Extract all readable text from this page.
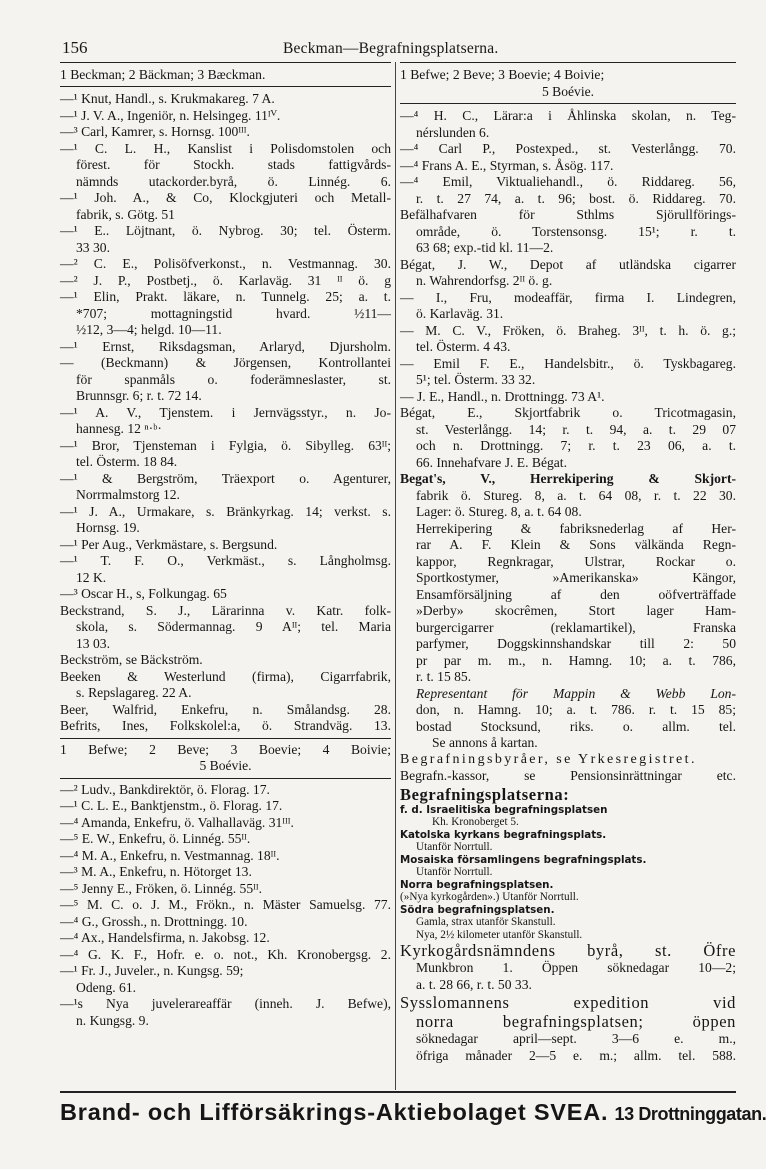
156	Beckman—Begrafningsplatserna.
1 Beckman; 2 Bäckman; 3 Bæckman.
—¹ Knut, Handl., s. Krukmakareg. 7 A.
—¹ J. V. A., Ingeniör, n. Helsingeg. 11ᴵⱽ.
—³ Carl, Kamrer, s. Hornsg. 100ᴵᴵᴵ.
—¹ C. L. H., Kanslist i Polisdomstolen och
förest. för Stockh. stads fattigvårds-
nämnds utackorder.byrå, ö. Linnég. 6.
—¹ Joh. A., & Co, Klockgjuteri och Metall-
fabrik, s. Götg. 51
—¹ E.. Löjtnant, ö. Nybrog. 30; tel. Österm.
33 30.
—² C. E., Polisöfverkonst., n. Vestmannag. 30.
—² J. P., Postbetj., ö. Karlaväg. 31 ᴵᴵ ö. g
—¹ Elin, Prakt. läkare, n. Tunnelg. 25; a. t.
*707; mottagningstid hvard. ½11—
½12, 3—4; helgd. 10—11.
—¹ Ernst, Riksdagsman, Arlaryd, Djursholm.
— (Beckmann) & Jörgensen, Kontrollantei
för spanmåls o. foderämneslaster, st.
Brunnsgr. 6; r. t. 72 14.
—¹ A. V., Tjenstem. i Jernvägsstyr., n. Jo-
hannesg. 12 ⁿ·ᵇ·
—¹ Bror, Tjensteman i Fylgia, ö. Sibylleg. 63ᴵᴵ;
tel. Österm. 18 84.
—¹ & Bergström, Träexport o. Agenturer,
Norrmalmstorg 12.
—¹ J. A., Urmakare, s. Bränkyrkag. 14; verkst. s.
Hornsg. 19.
—¹ Per Aug., Verkmästare, s. Bergsund.
—¹ T. F. O., Verkmäst., s. Långholmsg.
12 K.
—³ Oscar H., s, Folkungag. 65
Beckstrand, S. J., Lärarinna v. Katr. folk-
skola, s. Södermannag. 9 Aᴵᴵ; tel. Maria
13 03.
Beckström, se Bäckström.
Beeken & Westerlund (firma), Cigarrfabrik,
s. Repslagareg. 22 A.
Beer, Walfrid, Enkefru, n. Smålandsg. 28.
Befrits, Ines, Folkskolel:a, ö. Strandväg. 13.
1 Befwe; 2 Beve; 3 Boevie; 4 Boivie;
5 Boévie.
—² Ludv., Bankdirektör, ö. Florag. 17.
—¹ C. L. E., Banktjenstm., ö. Florag. 17.
—⁴ Amanda, Enkefru, ö. Valhallaväg. 31ᴵᴵᴵ.
—⁵ E. W., Enkefru, ö. Linnég. 55ᴵᴵ.
—⁴ M. A., Enkefru, n. Vestmannag. 18ᴵᴵ.
—³ M. A., Enkefru, n. Hötorget 13.
—⁵ Jenny E., Fröken, ö. Linnég. 55ᴵᴵ.
—⁵ M. C. o. J. M., Frökn., n. Mäster Samuelsg. 77.
—⁴ G., Grossh., n. Drottningg. 10.
—⁴ Ax., Handelsfirma, n. Jakobsg. 12.
—⁴ G. K. F., Hofr. e. o. not., Kh. Kronobergsg. 2.
—¹ Fr. J., Juveler., n. Kungsg. 59;
Odeng. 61.
—¹s Nya juvelerareaffär (inneh. J. Befwe),
n. Kungsg. 9.
1 Befwe; 2 Beve; 3 Boevie; 4 Boivie;
5 Boévie.
—⁴ H. C., Lärar:a i Åhlinska skolan, n. Teg-
nérslunden 6.
—⁴ Carl P., Postexped., st. Vesterlångg. 70.
—⁴ Frans A. E., Styrman, s. Åsög. 117.
—⁴ Emil, Viktualiehandl., ö. Riddareg. 56,
r. t. 27 74, a. t. 96; bost. ö. Riddareg. 70.
Befälhafvaren för Sthlms Sjörullförings-
område, ö. Torstensonsg. 15¹; r. t.
63 68; exp.-tid kl. 11—2.
Bégat, J. W., Depot af utländska cigarrer
n. Wahrendorfsg. 2ᴵᴵ ö. g.
— I., Fru, modeaffär, firma I. Lindegren,
ö. Karlaväg. 31.
— M. C. V., Fröken, ö. Braheg. 3ᴵᴵ, t. h. ö. g.;
tel. Österm. 4 43.
— Emil F. E., Handelsbitr., ö. Tyskbagareg.
5¹; tel. Österm. 33 32.
— J. E., Handl., n. Drottningg. 73 A¹.
Bégat, E., Skjortfabrik o. Tricotmagasin,
st. Vesterlångg. 14; r. t. 94, a. t. 29 07
och n. Drottningg. 7; r. t. 23 06, a. t.
66. Innehafvare J. E. Bégat.
Begat's, V., Herrekipering & Skjort-
fabrik ö. Stureg. 8, a. t. 64 08, r. t. 22 30.
Lager: ö. Stureg. 8, a. t. 64 08.
Herrekipering & fabriksnederlag af Her-
rar A. F. Klein & Sons välkända Regn-
kappor, Regnkragar, Ulstrar, Rockar o.
Sportkostymer, »Amerikanska» Kängor,
Ensamförsäljning af den oöfverträffade
»Derby» skocrêmen, Stort lager Ham-
burgercigarrer (reklamartikel), Franska
parfymer, Doggskinnshandskar till 2: 50
pr par m. m., n. Hamng. 10; a. t. 786,
r. t. 15 85.
Representant för Mappin & Webb Lon-
don, n. Hamng. 10; a. t. 786. r. t. 15 85;
bostad Stocksund, riks. o. allm. tel.
Se annons å kartan.
Begrafningsbyråer, se Yrkesregistret.
Begrafn.-kassor, se Pensionsinrättningar etc.
Begrafningsplatserna:
f. d. Israelitiska begrafningsplatsen
Kh. Kronoberget 5.
Katolska kyrkans begrafningsplats.
Utanför Norrtull.
Mosaiska församlingens begrafningsplats.
Utanför Norrtull.
Norra begrafningsplatsen.
(»Nya kyrkogården».) Utanför Norrtull.
Södra begrafningsplatsen.
Gamla, strax utanför Skanstull.
Nya, 2½ kilometer utanför Skanstull.
Kyrkogårdsnämndens byrå, st. Öfre
Munkbron 1. Öppen söknedagar 10—2;
a. t. 28 66, r. t. 50 33.
Sysslomannens expedition vid
norra begrafningsplatsen; öppen
söknedagar april—sept. 3—6 e. m.,
öfriga månader 2—5 e. m.; allm. tel. 588.
Brand- och Lifförsäkrings-Aktiebolaget SVEA. 13 Drottninggatan.
